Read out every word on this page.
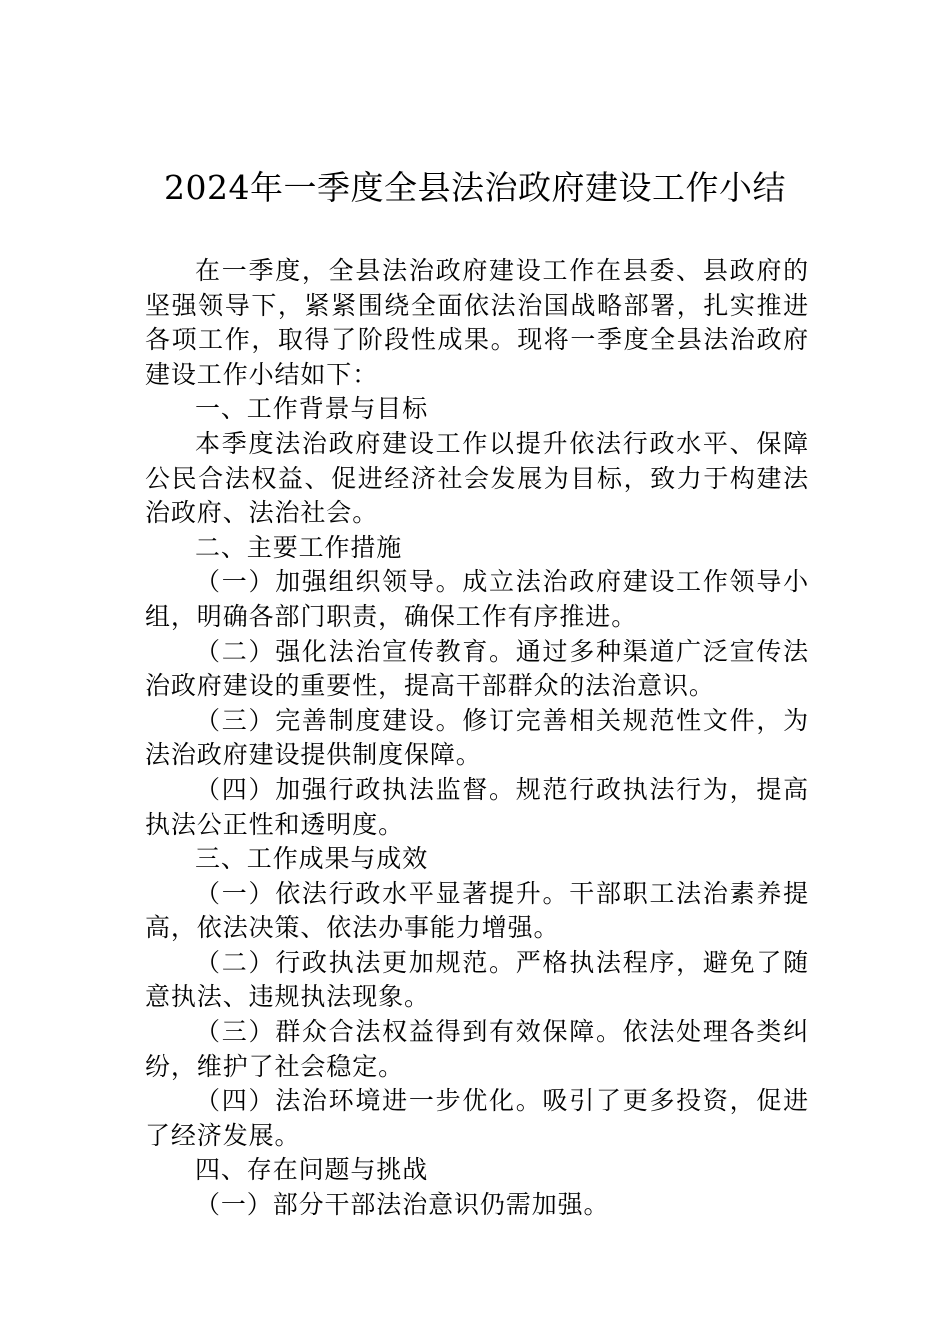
2024年一季度全县法治政府建设工作小结

在一季度，全县法治政府建设工作在县委、县政府的坚强领导下，紧紧围绕全面依法治国战略部署，扎实推进各项工作，取得了阶段性成果。现将一季度全县法治政府建设工作小结如下：

一、工作背景与目标

本季度法治政府建设工作以提升依法行政水平、保障公民合法权益、促进经济社会发展为目标，致力于构建法治政府、法治社会。

二、主要工作措施

（一）加强组织领导。成立法治政府建设工作领导小组，明确各部门职责，确保工作有序推进。

（二）强化法治宣传教育。通过多种渠道广泛宣传法治政府建设的重要性，提高干部群众的法治意识。

（三）完善制度建设。修订完善相关规范性文件，为法治政府建设提供制度保障。

（四）加强行政执法监督。规范行政执法行为，提高执法公正性和透明度。

三、工作成果与成效

（一）依法行政水平显著提升。干部职工法治素养提高，依法决策、依法办事能力增强。

（二）行政执法更加规范。严格执法程序，避免了随意执法、违规执法现象。

（三）群众合法权益得到有效保障。依法处理各类纠纷，维护了社会稳定。

（四）法治环境进一步优化。吸引了更多投资，促进了经济发展。

四、存在问题与挑战

（一）部分干部法治意识仍需加强。
